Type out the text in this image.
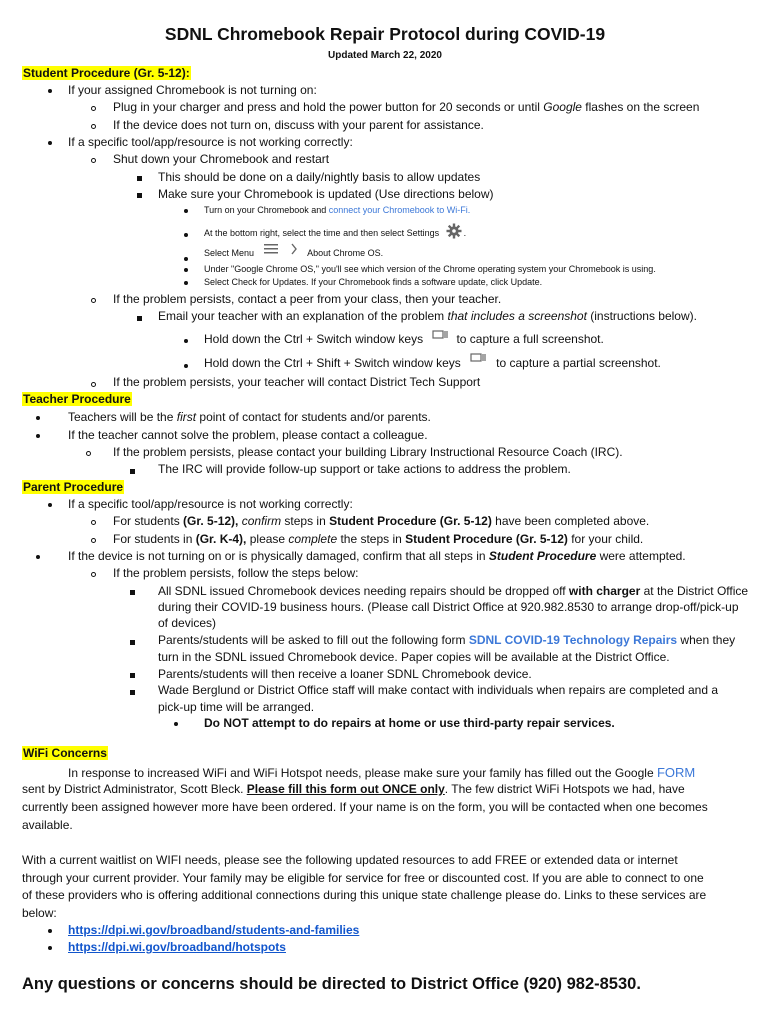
SDNL Chromebook Repair Protocol during COVID-19
Updated March 22, 2020
Student Procedure (Gr. 5-12):
If your assigned Chromebook is not turning on:
Plug in your charger and press and hold the power button for 20 seconds or until Google flashes on the screen
If the device does not turn on, discuss with your parent for assistance.
If a specific tool/app/resource is not working correctly:
Shut down your Chromebook and restart
This should be done on a daily/nightly basis to allow updates
Make sure your Chromebook is updated (Use directions below)
Turn on your Chromebook and connect your Chromebook to Wi-Fi.
At the bottom right, select the time and then select Settings	.
Select Menu	About Chrome OS.
Under "Google Chrome OS," you'll see which version of the Chrome operating system your Chromebook is using.
Select Check for Updates. If your Chromebook finds a software update, click Update.
If the problem persists, contact a peer from your class, then your teacher.
Email your teacher with an explanation of the problem that includes a screenshot (instructions below).
Hold down the Ctrl + Switch window keys	to capture a full screenshot.
Hold down the Ctrl + Shift + Switch window keys	to capture a partial screenshot.
If the problem persists, your teacher will contact District Tech Support
Teacher Procedure
Teachers will be the first point of contact for students and/or parents.
If the teacher cannot solve the problem, please contact a colleague.
If the problem persists, please contact your building Library Instructional Resource Coach (IRC).
The IRC will provide follow-up support or take actions to address the problem.
Parent Procedure
If a specific tool/app/resource is not working correctly:
For students (Gr. 5-12), confirm steps in Student Procedure (Gr. 5-12) have been completed above.
For students in (Gr. K-4), please complete the steps in Student Procedure (Gr. 5-12) for your child.
If the device is not turning on or is physically damaged, confirm that all steps in Student Procedure were attempted.
If the problem persists, follow the steps below:
All SDNL issued Chromebook devices needing repairs should be dropped off with charger at the District Office
during their COVID-19 business hours. (Please call District Office at 920.982.8530 to arrange drop-off/pick-up
of devices)
Parents/students will be asked to fill out the following form SDNL COVID-19 Technology Repairs when they
turn in the SDNL issued Chromebook device. Paper copies will be available at the District Office.
Parents/students will then receive a loaner SDNL Chromebook device.
Wade Berglund or District Office staff will make contact with individuals when repairs are completed and a
pick-up time will be arranged.
Do NOT attempt to do repairs at home or use third-party repair services.
WiFi Concerns
In response to increased WiFi and WiFi Hotspot needs, please make sure your family has filled out the Google FORM
sent by District Administrator, Scott Bleck. Please fill this form out ONCE only. The few district WiFi Hotspots we had, have
currently been assigned however more have been ordered. If your name is on the form, you will be contacted when one becomes
available.
With a current waitlist on WIFI needs, please see the following updated resources to add FREE or extended data or internet
through your current provider. Your family may be eligible for service for free or discounted cost. If you are able to connect to one
of these providers who is offering additional connections during this unique state challenge please do. Links to these services are
below:
https://dpi.wi.gov/broadband/students-and-families
https://dpi.wi.gov/broadband/hotspots
Any questions or concerns should be directed to District Office (920) 982-8530.
